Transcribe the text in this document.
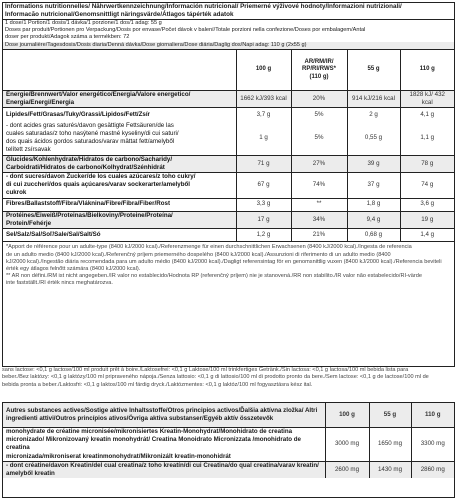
Informations nutritionnelles/ Nährwertkennzeichnung/Información nutricional/ Priemerné výživové hodnoty/Informazioni nutrizionali/
Informacão nutricional/Genomsnittligt näringsvärde/Átlagos tápérték adatok
1 dose/1 Portion/1 dosis/1 dávka/1 porzione/1 dos/1 adag: 55 g
Doses par produit/Portionen pro Verpackung/Dosis por envase/Počet dávok v balení/Totale porzioni nella confezione/Doses por embalagem/Antal
doser per produkt/Adagok száma a termékben: 72
Dose journalière/Tagesdosis/Dosis diaria/Denná dávka/Dose giornaliera/Dose diária/Daglig dos/Napi adag: 110 g (2x55 g)
	100 g	AR/RM/IR/
RP/RI/RWS*
(110 g)	55 g	110 g

Énergie/Brennwert/Valor energético/Energia/Valore energetico/
Energia/Energi/Energia	1662 kJ/393 kcal	20%	914 kJ/216 kcal	1828 kJ/ 432 kcal
Lipides/Fett/Grasas/Tuky/Grassi/Lipidos/Fett/Zsír	3,7 g	5%	2 g	4,1 g

- dont acides gras saturés/davon gesättigte Fettsäuren/de las
cuales saturadas/z toho nasýtené mastné kyseliny/di cui saturi/
dos quais ácidos gordos saturados/varav mättat fett/amelyből
telített zsírsavak	1 g	5%	0,55 g	1,1 g

Glucides/Kohlenhydrate/Hidratos de carbono/Sacharidy/
Carboidrati/Hidratos de carbono/Kolhydrat/Szénhidrát	71 g	27%	39 g	78 g

- dont sucres/davon Zucker/de los cuales azúcares/z toho cukry/
di cui zuccheri/dos quais açúcares/varav sockerarter/amelyből
cukrok	67 g	74%	37 g	74 g
Fibres/Ballaststoff/Fibra/Vláknina/Fibre/Fibra/Fiber/Rost	3,3 g	**	1,8 g	3,6 g

Protéines/Eiweiß/Proteinas/Bielkoviny/Proteine/Proteína/
Protein/Fehérje	17 g	34%	9,4 g	19 g
Sel/Salz/Sal/Soľ/Sale/Sal/Salt/Só	1,2 g	21%	0,68 g	1,4 g
*Apport de référence pour un adulte-type (8400 kJ/2000 kcal)./Referenzmenge für einen durchschnittlichen Erwachsenen (8400 kJ/2000 kcal)./Ingesta de referencia
de un adulto medio (8400 kJ/2000 kcal)./Referenčný príjem priemerného dospelého (8400 kJ/2000 kcal)./Assunzioni di riferimento di un adulto medio (8400
kJ/2000 kcal)./Ingestão diária recomendada para um adulto médio (8400 kJ/2000 kcal)./Dagligt referensintag för en genomsnittlig vuxen (8400 kJ/2000 kcal)./Referencia beviteli
érték egy átlagos felnőtt számára (8400 kJ/2000 kcal).
** AR non défini./RM ist nicht angegeben./IR valor no establecido/Hodnota RP (referenčný príjem) nie je stanovená./RR non stabilito./IR valor não estabelecido/RI-värde
inte fastställt./RI érték nincs meghatározva.
sans lactose: <0,1 g lactose/100 ml produit prêt à boire./Laktosefrei: <0,1 g Laktose/100 ml trinkfertiges Getränk./Sin lactosa: <0,1 g lactosa/100 ml bebida lista para
beber./Bez laktózy: <0,1 g laktózy/100 ml pripraveného nápoja./Senza lattosio: <0,1 g di lattosio/100 ml di prodotto pronto da bere./Sem lactose: <0,1 g de lactose/100 ml de
bebida pronta a beber./Laktosfri: <0,1 g laktos/100 ml färdig dryck./Laktózmentes: <0,1 g laktóz/100 ml fogyasztásra kész ital.
Autres substances actives/Sostige aktive Inhaltsstoffe/Otros principios activos/Ďalšia aktívna zložka/ Altri
ingredienti attivi/Outros princípios ativos/Övriga aktiva substanser/Egyéb aktív összetevők	100 g	55 g	110 g

monohydrate de créatine micronisée/mikronisiertes Kreatin-Monohydrat/Monohidrato de creatina
micronizado/ Mikronizovaný kreatín monohydrát/ Creatina Monoidrato Micronizzata /monohidrato de creatina
micronizada/mikroniserat kreatinmonohydrat/Mikronizált kreatin-monohidrát	3000 mg	1650 mg	3300 mg

- dont créatine/davon Kreatin/del cual creatina/z toho kreatín/di cui Creatina/do qual creatina/varav kreatin/
amelyből kreatin	2600 mg	1430 mg	2860 mg
